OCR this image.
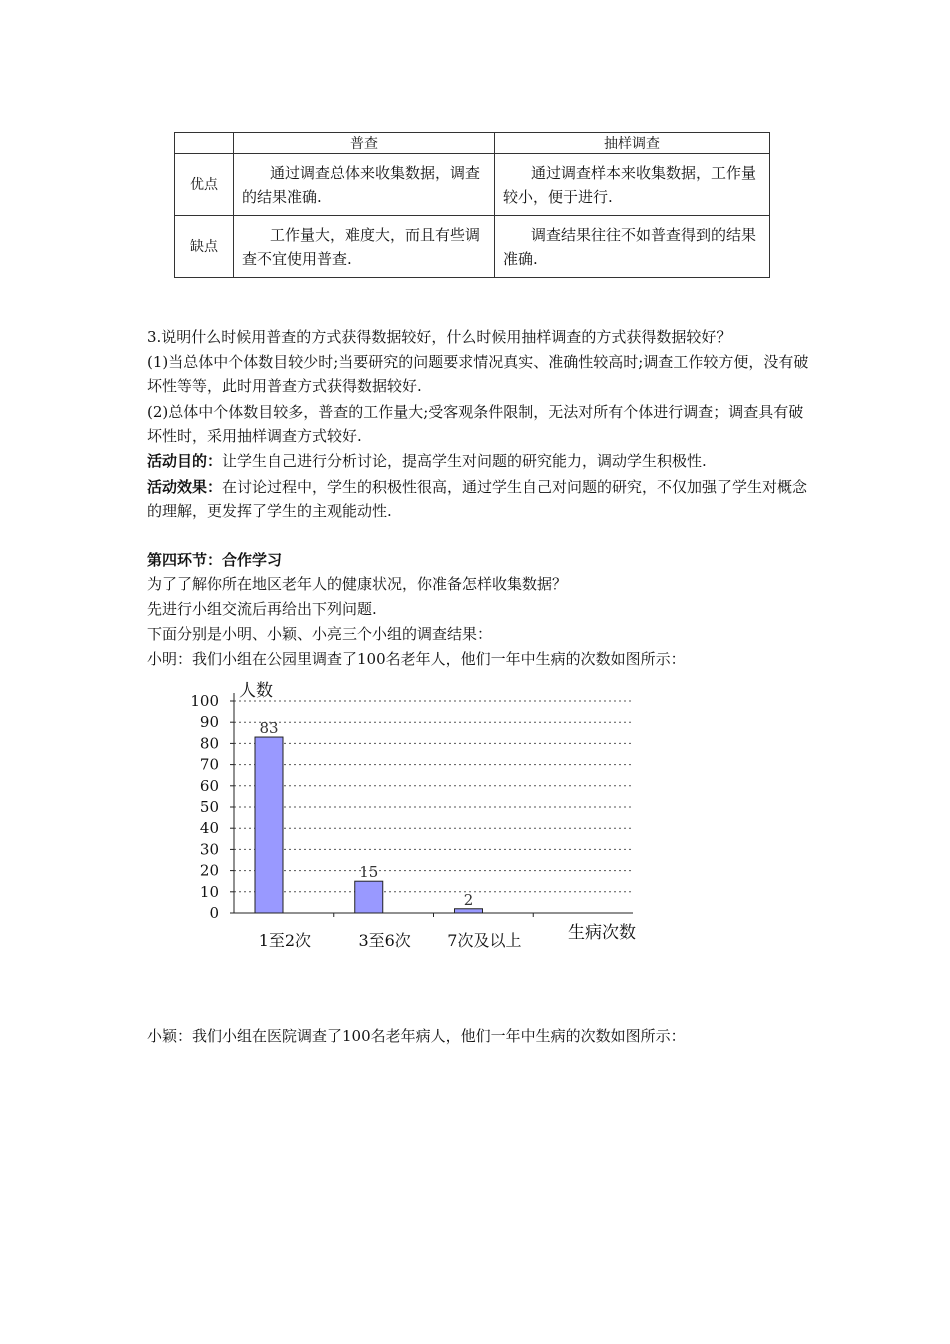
	普查	抽样调查
优点	通过调查总体来收集数据，调查的结果准确.	通过调查样本来收集数据，工作量较小，便于进行.
缺点	工作量大，难度大，而且有些调查不宜使用普查.	调查结果往往不如普查得到的结果准确.
3.说明什么时候用普查的方式获得数据较好，什么时候用抽样调查的方式获得数据较好？
(1)当总体中个体数目较少时;当要研究的问题要求情况真实、准确性较高时;调查工作较方便，没有破坏性等等，此时用普查方式获得数据较好.
(2)总体中个体数目较多，普查的工作量大;受客观条件限制，无法对所有个体进行调查；调查具有破坏性时，采用抽样调查方式较好.
活动目的：让学生自己进行分析讨论，提高学生对问题的研究能力，调动学生积极性.
活动效果：在讨论过程中，学生的积极性很高，通过学生自己对问题的研究，不仅加强了学生对概念的理解，更发挥了学生的主观能动性.
第四环节：合作学习
为了了解你所在地区老年人的健康状况，你准备怎样收集数据？
先进行小组交流后再给出下列问题.
下面分别是小明、小颖、小亮三个小组的调查结果：
小明：我们小组在公园里调查了100名老年人，他们一年中生病的次数如图所示：
0
10
20
30
40
50
60
70
80
90
100 人数
83
1至2次
15
3至6次
2
7次及以上	生病次数
小颖：我们小组在医院调查了100名老年病人，他们一年中生病的次数如图所示：
